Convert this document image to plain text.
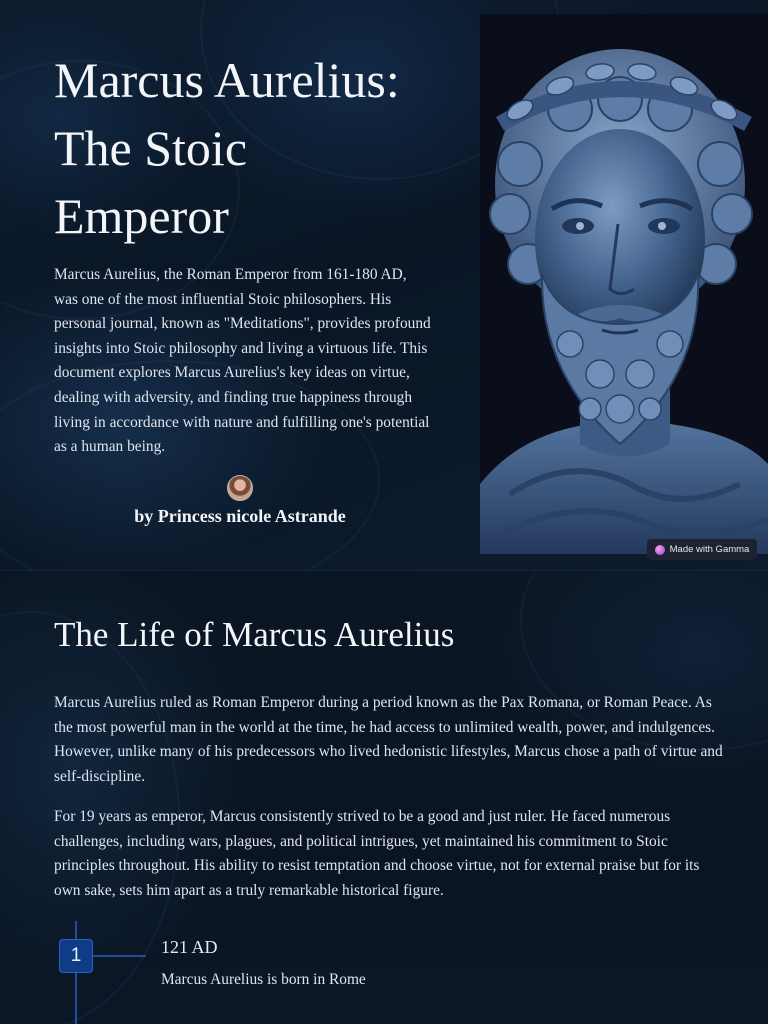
Marcus Aurelius:
The Stoic
Emperor

Marcus Aurelius, the Roman Emperor from 161-180 AD, was one of the most influential Stoic philosophers. His personal journal, known as "Meditations", provides profound insights into Stoic philosophy and living a virtuous life. This document explores Marcus Aurelius's key ideas on virtue, dealing with adversity, and finding true happiness through living in accordance with nature and fulfilling one's potential as a human being.

by Princess nicole Astrande
Made with Gamma
The Life of Marcus Aurelius

Marcus Aurelius ruled as Roman Emperor during a period known as the Pax Romana, or Roman Peace. As the most powerful man in the world at the time, he had access to unlimited wealth, power, and indulgences. However, unlike many of his predecessors who lived hedonistic lifestyles, Marcus chose a path of virtue and self-discipline.

For 19 years as emperor, Marcus consistently strived to be a good and just ruler. He faced numerous challenges, including wars, plagues, and political intrigues, yet maintained his commitment to Stoic principles throughout. His ability to resist temptation and choose virtue, not for external praise but for its own sake, sets him apart as a truly remarkable historical figure.

1	121 AD
Marcus Aurelius is born in Rome
